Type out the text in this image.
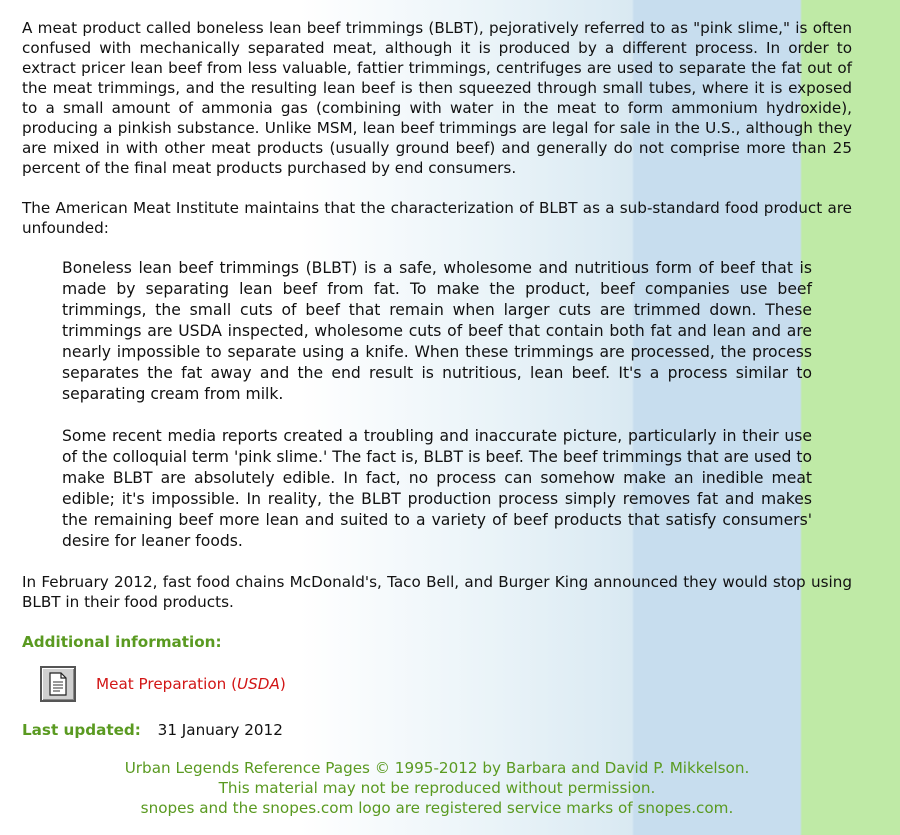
A meat product called boneless lean beef trimmings (BLBT), pejoratively referred to as "pink slime," is often confused with mechanically separated meat, although it is produced by a different process. In order to extract pricer lean beef from less valuable, fattier trimmings, centrifuges are used to separate the fat out of the meat trimmings, and the resulting lean beef is then squeezed through small tubes, where it is exposed to a small amount of ammonia gas (combining with water in the meat to form ammonium hydroxide), producing a pinkish substance. Unlike MSM, lean beef trimmings are legal for sale in the U.S., although they are mixed in with other meat products (usually ground beef) and generally do not comprise more than 25 percent of the final meat products purchased by end consumers.

The American Meat Institute maintains that the characterization of BLBT as a sub-standard food product are unfounded:

Boneless lean beef trimmings (BLBT) is a safe, wholesome and nutritious form of beef that is made by separating lean beef from fat. To make the product, beef companies use beef trimmings, the small cuts of beef that remain when larger cuts are trimmed down. These trimmings are USDA inspected, wholesome cuts of beef that contain both fat and lean and are nearly impossible to separate using a knife. When these trimmings are processed, the process separates the fat away and the end result is nutritious, lean beef. It's a process similar to separating cream from milk.

Some recent media reports created a troubling and inaccurate picture, particularly in their use of the colloquial term 'pink slime.' The fact is, BLBT is beef. The beef trimmings that are used to make BLBT are absolutely edible. In fact, no process can somehow make an inedible meat edible; it's impossible. In reality, the BLBT production process simply removes fat and makes the remaining beef more lean and suited to a variety of beef products that satisfy consumers' desire for leaner foods.

In February 2012, fast food chains McDonald's, Taco Bell, and Burger King announced they would stop using BLBT in their food products.

Additional information:
Meat Preparation (USDA)
Last updated: 31 January 2012
Urban Legends Reference Pages © 1995-2012 by Barbara and David P. Mikkelson.
This material may not be reproduced without permission.
snopes and the snopes.com logo are registered service marks of snopes.com.
